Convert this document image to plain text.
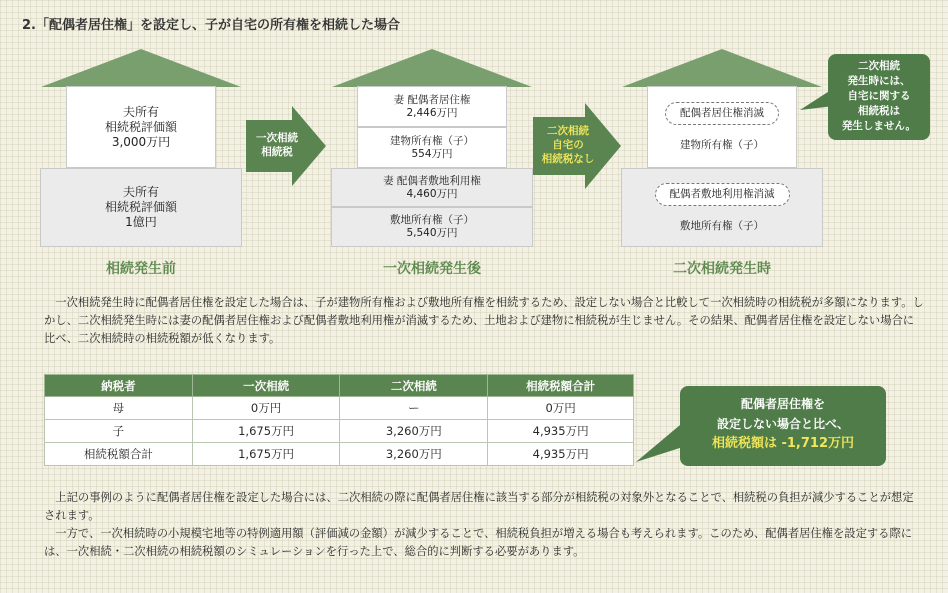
2.「配偶者居住権」を設定し、子が自宅の所有権を相続した場合
夫所有
相続税評価額
3,000万円
夫所有
相続税評価額
1億円
相続発生前
一次相続
相続税
妻 配偶者居住権
2,446万円
建物所有権（子）
554万円
妻 配偶者敷地利用権
4,460万円
敷地所有権（子）
5,540万円
一次相続発生後
二次相続
自宅の
相続税なし
配偶者居住権消滅
建物所有権（子）
配偶者敷地利用権消滅
敷地所有権（子）
二次相続発生時
二次相続
発生時には、
自宅に関する
相続税は
発生しません。
一次相続発生時に配偶者居住権を設定した場合は、子が建物所有権および敷地所有権を相続するため、設定しない場合と比較して一次相続時の相続税が多額になります。しかし、二次相続発生時には妻の配偶者居住権および配偶者敷地利用権が消滅するため、土地および建物に相続税が生じません。その結果、配偶者居住権を設定しない場合に比べ、二次相続時の相続税額が低くなります。
納税者	一次相続	二次相続	相続税額合計
母	0万円	ー	0万円
子	1,675万円	3,260万円	4,935万円
相続税額合計	1,675万円	3,260万円	4,935万円
配偶者居住権を
設定しない場合と比べ、
相続税額は -1,712万円
上記の事例のように配偶者居住権を設定した場合には、二次相続の際に配偶者居住権に該当する部分が相続税の対象外となることで、相続税の負担が減少することが想定されます。
一方で、一次相続時の小規模宅地等の特例適用額（評価減の金額）が減少することで、相続税負担が増える場合も考えられます。このため、配偶者居住権を設定する際には、一次相続・二次相続の相続税額のシミュレーションを行った上で、総合的に判断する必要があります。
